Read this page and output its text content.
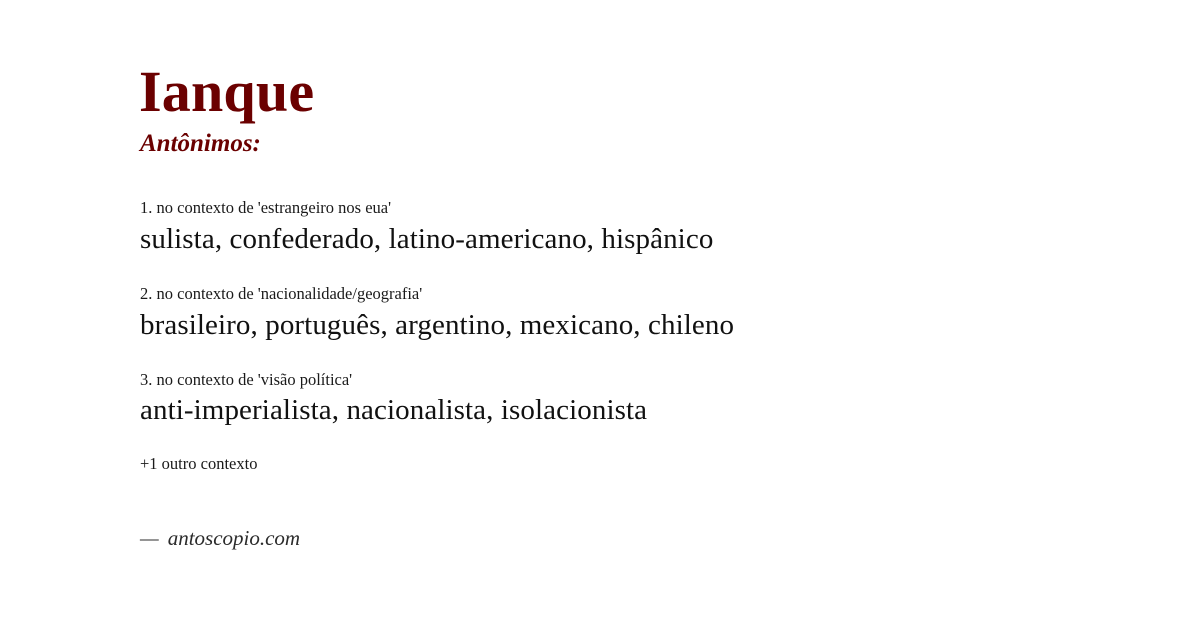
Ianque
Antônimos:
1. no contexto de 'estrangeiro nos eua'
sulista, confederado, latino-americano, hispânico
2. no contexto de 'nacionalidade/geografia'
brasileiro, português, argentino, mexicano, chileno
3. no contexto de 'visão política'
anti-imperialista, nacionalista, isolacionista
+1 outro contexto
— antoscopio.com
